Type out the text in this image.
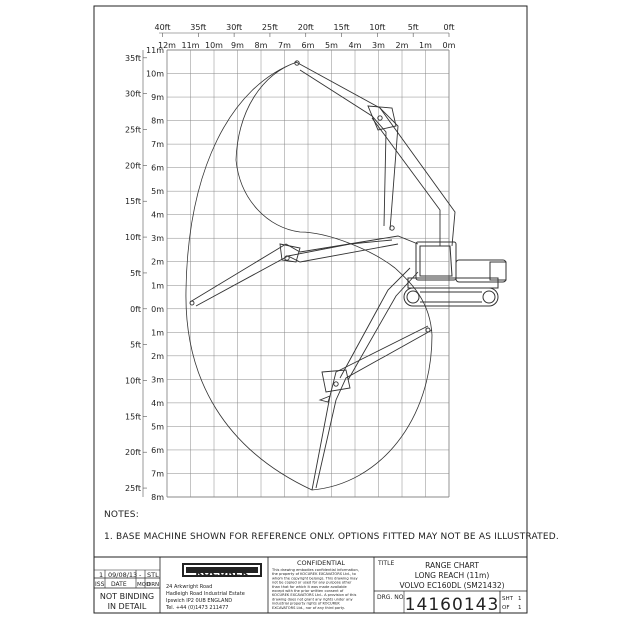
40ft 35ft 30ft 25ft 20ft 15ft 10ft	5ft	0ft
12m 11m 10m 9m 8m 7m 6m 5m 4m 3m 2m 1m 0m
35ft
30ft
25ft
20ft
15ft
10ft
5ft
0ft
5ft
10ft
15ft
20ft
25ft
11m
10m
9m
8m
7m
6m
5m
4m
3m
2m
1m
0m
1m
2m
3m
4m
5m
6m
7m
8m
KOCUREK
1 09/08/13 - STL
ISS DATE MOD
DRN
NOT BINDING
IN DETAIL
24 Arkwright Road
Hadleigh Road Industrial Estate
Ipswich IP2 0UB ENGLAND
Tel. +44 (0)1473 211477
CONFIDENTIAL
This drawing embodies confidential information,
the property of KOCUREK EXCAVATORS Ltd., to
whom the copyright belongs. This drawing may
not be copied or used for any purpose other
than that for which it was made available
except with the prior written consent of
KOCUREK EXCAVATORS Ltd.. A provision of this
drawing does not grant any rights under any
industrial property rights of KOCUREK
EXCAVATORS Ltd., nor of any third party.
TITLE	RANGE CHART
LONG REACH (11m)
VOLVO EC160DL (SM21432)
DRG. NO. 14160143 SHT 1
OF 1
NOTES:
1. BASE MACHINE SHOWN FOR REFERENCE ONLY. OPTIONS FITTED MAY NOT BE AS ILLUSTRATED.
